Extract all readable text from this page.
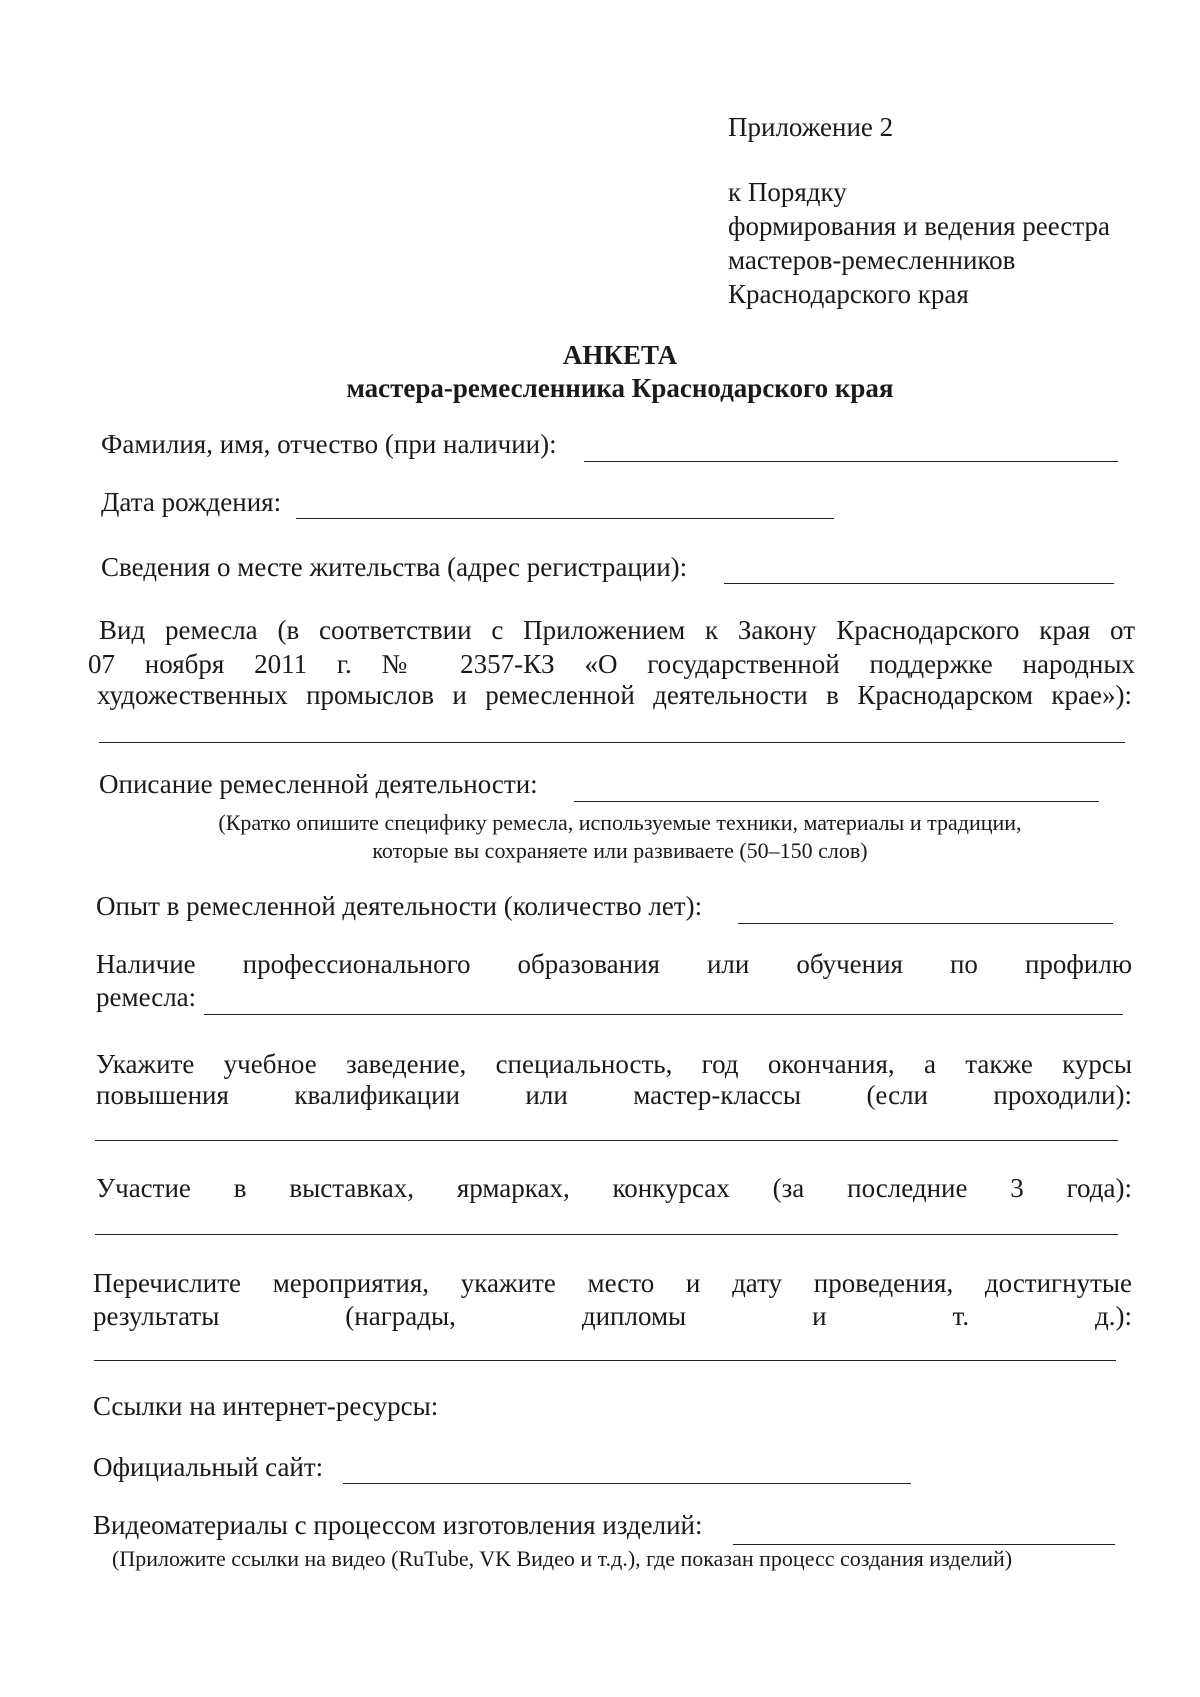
Приложение 2
к Порядку
формирования и ведения реестра
мастеров-ремесленников
Краснодарского края
АНКЕТА
мастера-ремесленника Краснодарского края
Фамилия, имя, отчество (при наличии):
Дата рождения:
Сведения о месте жительства (адрес регистрации):
Вид ремесла (в соответствии с Приложением к Закону Краснодарского края от
07 ноября 2011 г. № 2357-КЗ «О государственной поддержке народных
художественных промыслов и ремесленной деятельности в Краснодарском крае»):
Описание ремесленной деятельности:
(Кратко опишите специфику ремесла, используемые техники, материалы и традиции,
которые вы сохраняете или развиваете (50–150 слов)
Опыт в ремесленной деятельности (количество лет):
Наличие профессионального образования или обучения по профилю
ремесла:
Укажите учебное заведение, специальность, год окончания, а также курсы
повышения квалификации или мастер-классы (если проходили):
Участие в выставках, ярмарках, конкурсах (за последние 3 года):
Перечислите мероприятия, укажите место и дату проведения, достигнутые
результаты (награды, дипломы и т. д.):
Ссылки на интернет-ресурсы:
Официальный сайт:
Видеоматериалы с процессом изготовления изделий:
(Приложите ссылки на видео (RuTube, VK Видео и т.д.), где показан процесс создания изделий)
